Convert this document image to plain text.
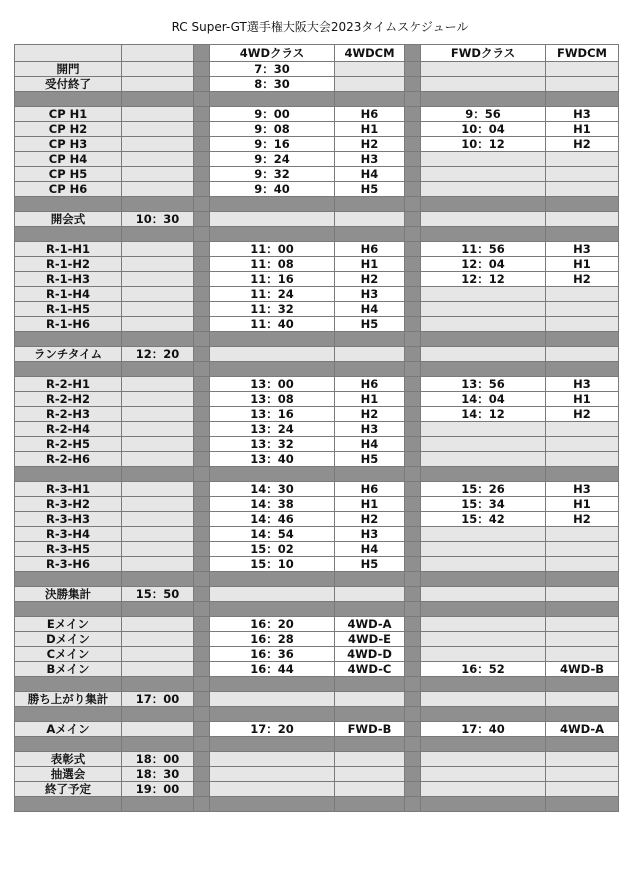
RC Super-GT選手権大阪大会2023タイムスケジュール
			4WDクラス	4WDCM		FWDクラス	FWDCM
開門			7：30				
受付終了			8：30				

CP H1			9：00	H6		9：56	H3
CP H2			9：08	H1		10：04	H1
CP H3			9：16	H2		10：12	H2
CP H4			9：24	H3			
CP H5			9：32	H4			
CP H6			9：40	H5			

開会式	10：30						

R-1-H1			11：00	H6		11：56	H3
R-1-H2			11：08	H1		12：04	H1
R-1-H3			11：16	H2		12：12	H2
R-1-H4			11：24	H3			
R-1-H5			11：32	H4			
R-1-H6			11：40	H5			

ランチタイム	12：20						

R-2-H1			13：00	H6		13：56	H3
R-2-H2			13：08	H1		14：04	H1
R-2-H3			13：16	H2		14：12	H2
R-2-H4			13：24	H3			
R-2-H5			13：32	H4			
R-2-H6			13：40	H5			

R-3-H1			14：30	H6		15：26	H3
R-3-H2			14：38	H1		15：34	H1
R-3-H3			14：46	H2		15：42	H2
R-3-H4			14：54	H3			
R-3-H5			15：02	H4			
R-3-H6			15：10	H5			

決勝集計	15：50						

Eメイン			16：20	4WD-A			
Dメイン			16：28	4WD-E			
Cメイン			16：36	4WD-D			
Bメイン			16：44	4WD-C		16：52	4WD-B

勝ち上がり集計	17：00						

Aメイン			17：20	FWD-B		17：40	4WD-A

表彰式	18：00						
抽選会	18：30						
終了予定	19：00						
